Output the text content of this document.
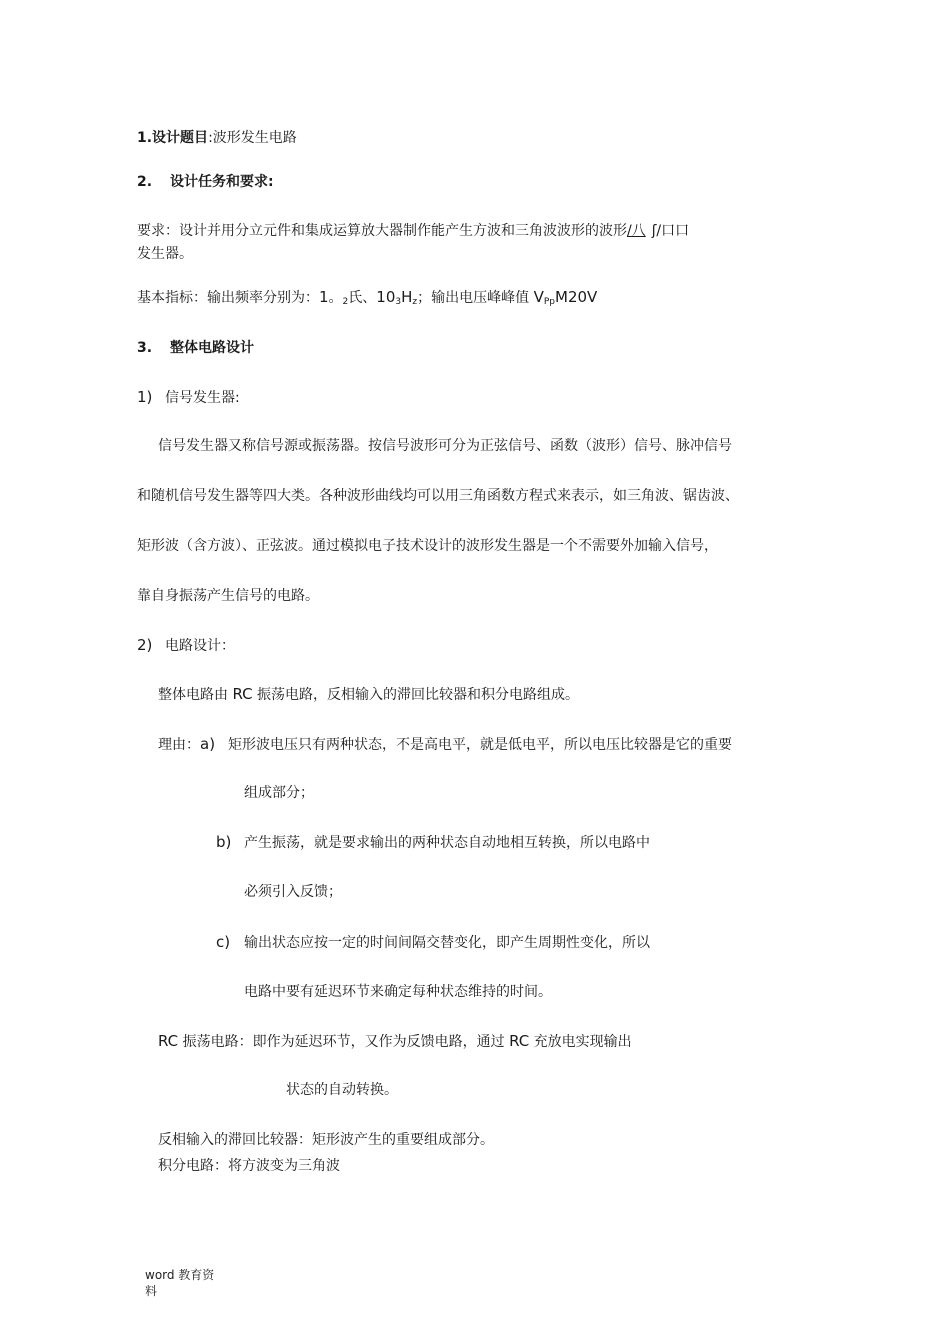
1.设计题目:波形发生电路
2. 设计任务和要求:
要求：设计并用分立元件和集成运算放大器制作能产生方波和三角波波形的波形/八 ʃ/口口
发生器。
基本指标：输出频率分别为：1。$_2$氏、$10_3H_z$；输出电压峰峰值 $V_{Pp}M20V$
3. 整体电路设计
1) 信号发生器:
信号发生器又称信号源或振荡器。按信号波形可分为正弦信号、函数（波形）信号、脉冲信号
和随机信号发生器等四大类。各种波形曲线均可以用三角函数方程式来表示，如三角波、锯齿波、
矩形波（含方波）、正弦波。通过模拟电子技术设计的波形发生器是一个不需要外加输入信号，
靠自身振荡产生信号的电路。
2) 电路设计：
整体电路由 RC 振荡电路，反相输入的滞回比较器和积分电路组成。
理由：a) 矩形波电压只有两种状态，不是高电平，就是低电平，所以电压比较器是它的重要
组成部分；
b) 产生振荡，就是要求输出的两种状态自动地相互转换，所以电路中
必须引入反馈；
c) 输出状态应按一定的时间间隔交替变化，即产生周期性变化，所以
电路中要有延迟环节来确定每种状态维持的时间。
RC 振荡电路：即作为延迟环节，又作为反馈电路，通过 RC 充放电实现输出
状态的自动转换。
反相输入的滞回比较器：矩形波产生的重要组成部分。
积分电路：将方波变为三角波
word 教育资
料
